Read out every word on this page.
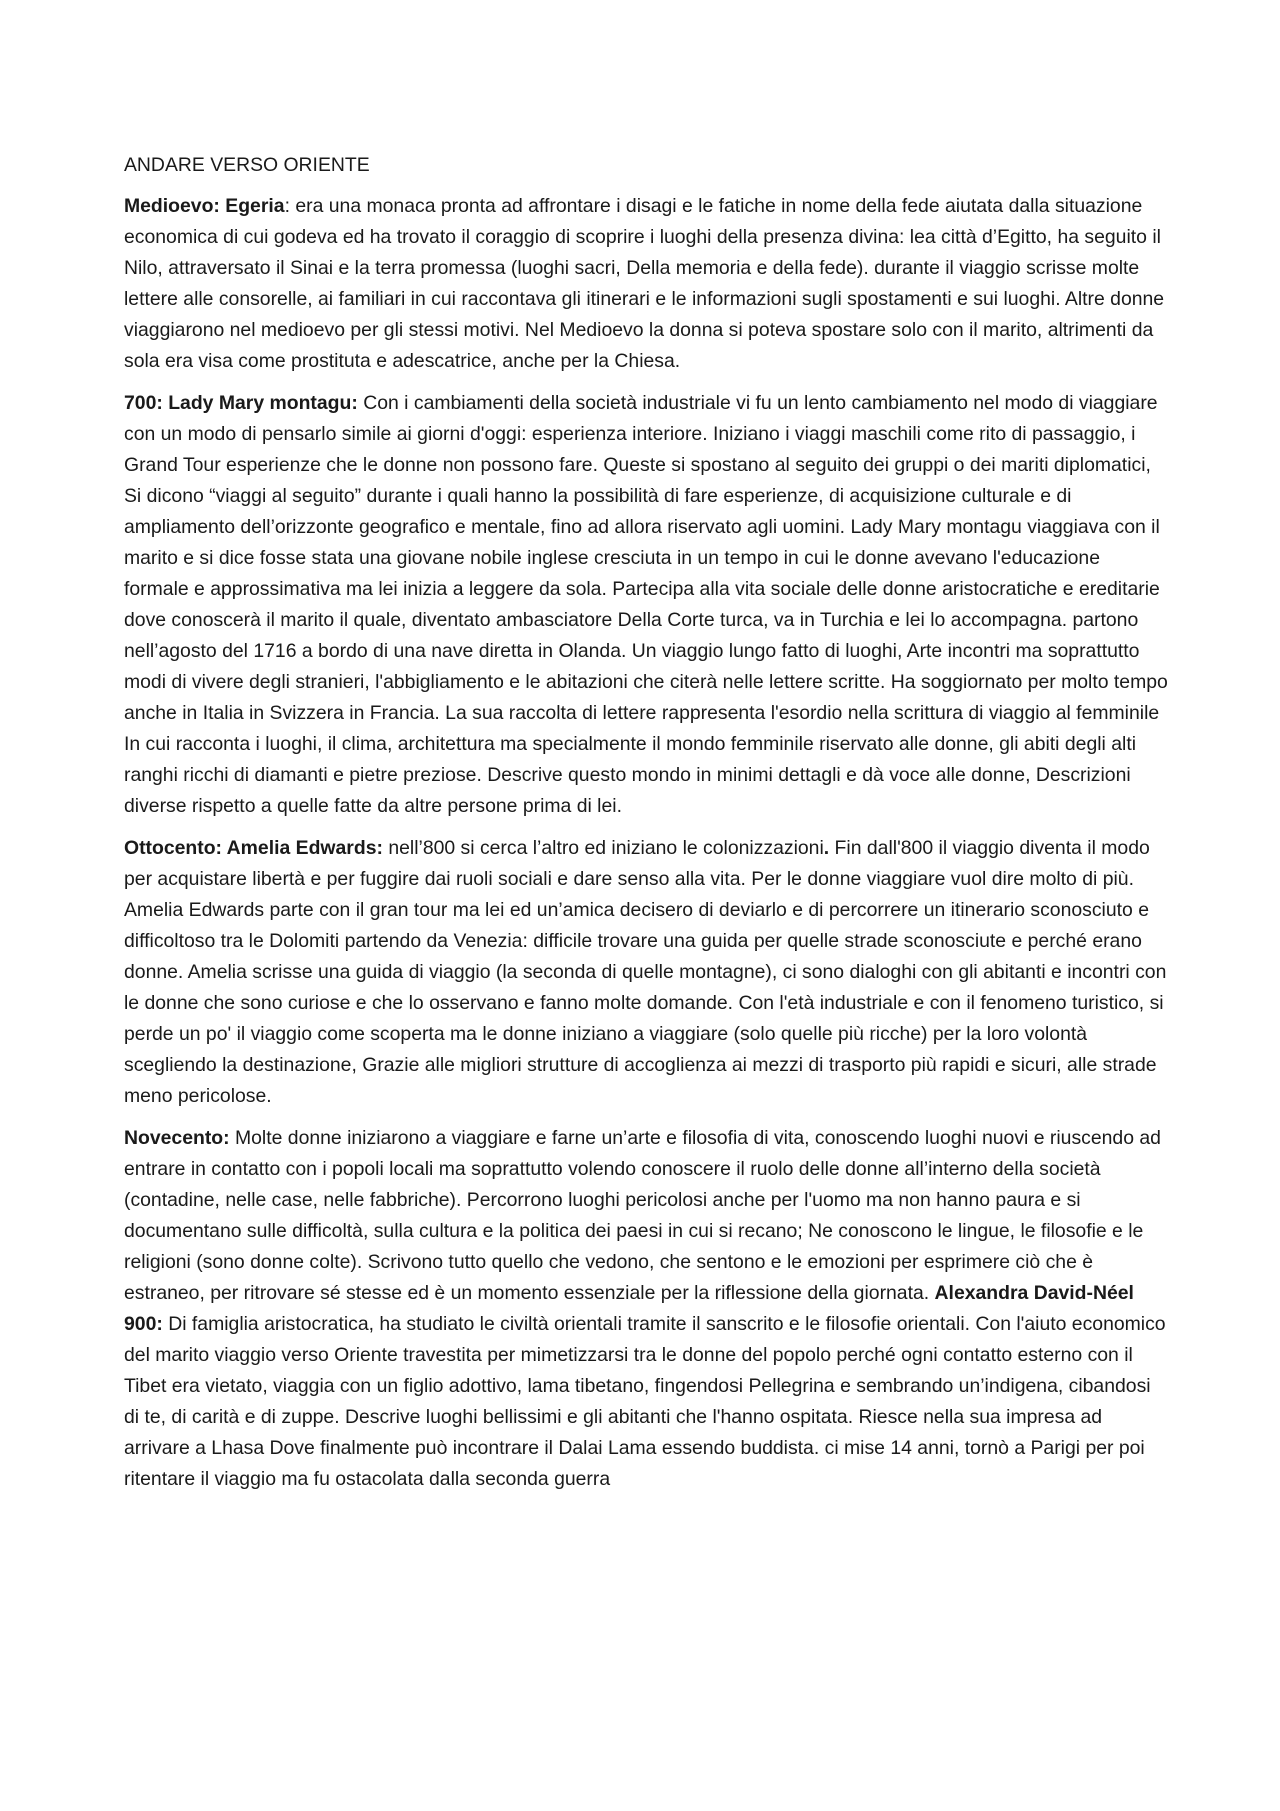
ANDARE VERSO ORIENTE

Medioevo: Egeria: era una monaca pronta ad affrontare i disagi e le fatiche in nome della fede aiutata dalla situazione economica di cui godeva ed ha trovato il coraggio di scoprire i luoghi della presenza divina: lea città d’Egitto, ha seguito il Nilo, attraversato il Sinai e la terra promessa (luoghi sacri, Della memoria e della fede). durante il viaggio scrisse molte lettere alle consorelle, ai familiari in cui raccontava gli itinerari e le informazioni sugli spostamenti e sui luoghi. Altre donne viaggiarono nel medioevo per gli stessi motivi. Nel Medioevo la donna si poteva spostare solo con il marito, altrimenti da sola era visa come prostituta e adescatrice, anche per la Chiesa.

700: Lady Mary montagu: Con i cambiamenti della società industriale vi fu un lento cambiamento nel modo di viaggiare con un modo di pensarlo simile ai giorni d'oggi: esperienza interiore. Iniziano i viaggi maschili come rito di passaggio, i Grand Tour esperienze che le donne non possono fare. Queste si spostano al seguito dei gruppi o dei mariti diplomatici, Si dicono “viaggi al seguito” durante i quali hanno la possibilità di fare esperienze, di acquisizione culturale e di ampliamento dell’orizzonte geografico e mentale, fino ad allora riservato agli uomini. Lady Mary montagu viaggiava con il marito e si dice fosse stata una giovane nobile inglese cresciuta in un tempo in cui le donne avevano l'educazione formale e approssimativa ma lei inizia a leggere da sola. Partecipa alla vita sociale delle donne aristocratiche e ereditarie dove conoscerà il marito il quale, diventato ambasciatore Della Corte turca, va in Turchia e lei lo accompagna. partono nell’agosto del 1716 a bordo di una nave diretta in Olanda. Un viaggio lungo fatto di luoghi, Arte incontri ma soprattutto modi di vivere degli stranieri, l'abbigliamento e le abitazioni che citerà nelle lettere scritte. Ha soggiornato per molto tempo anche in Italia in Svizzera in Francia. La sua raccolta di lettere rappresenta l'esordio nella scrittura di viaggio al femminile In cui racconta i luoghi, il clima, architettura ma specialmente il mondo femminile riservato alle donne, gli abiti degli alti ranghi ricchi di diamanti e pietre preziose. Descrive questo mondo in minimi dettagli e dà voce alle donne, Descrizioni diverse rispetto a quelle fatte da altre persone prima di lei.

Ottocento: Amelia Edwards: nell’800 si cerca l’altro ed iniziano le colonizzazioni. Fin dall'800 il viaggio diventa il modo per acquistare libertà e per fuggire dai ruoli sociali e dare senso alla vita. Per le donne viaggiare vuol dire molto di più. Amelia Edwards parte con il gran tour ma lei ed un’amica decisero di deviarlo e di percorrere un itinerario sconosciuto e difficoltoso tra le Dolomiti partendo da Venezia: difficile trovare una guida per quelle strade sconosciute e perché erano donne. Amelia scrisse una guida di viaggio (la seconda di quelle montagne), ci sono dialoghi con gli abitanti e incontri con le donne che sono curiose e che lo osservano e fanno molte domande. Con l'età industriale e con il fenomeno turistico, si perde un po' il viaggio come scoperta ma le donne iniziano a viaggiare (solo quelle più ricche) per la loro volontà scegliendo la destinazione, Grazie alle migliori strutture di accoglienza ai mezzi di trasporto più rapidi e sicuri, alle strade meno pericolose.

Novecento: Molte donne iniziarono a viaggiare e farne un’arte e filosofia di vita, conoscendo luoghi nuovi e riuscendo ad entrare in contatto con i popoli locali ma soprattutto volendo conoscere il ruolo delle donne all’interno della società (contadine, nelle case, nelle fabbriche). Percorrono luoghi pericolosi anche per l'uomo ma non hanno paura e si documentano sulle difficoltà, sulla cultura e la politica dei paesi in cui si recano; Ne conoscono le lingue, le filosofie e le religioni (sono donne colte). Scrivono tutto quello che vedono, che sentono e le emozioni per esprimere ciò che è estraneo, per ritrovare sé stesse ed è un momento essenziale per la riflessione della giornata. Alexandra David-Néel 900: Di famiglia aristocratica, ha studiato le civiltà orientali tramite il sanscrito e le filosofie orientali. Con l'aiuto economico del marito viaggio verso Oriente travestita per mimetizzarsi tra le donne del popolo perché ogni contatto esterno con il Tibet era vietato, viaggia con un figlio adottivo, lama tibetano, fingendosi Pellegrina e sembrando un’indigena, cibandosi di te, di carità e di zuppe. Descrive luoghi bellissimi e gli abitanti che l'hanno ospitata. Riesce nella sua impresa ad arrivare a Lhasa Dove finalmente può incontrare il Dalai Lama essendo buddista. ci mise 14 anni, tornò a Parigi per poi ritentare il viaggio ma fu ostacolata dalla seconda guerra
